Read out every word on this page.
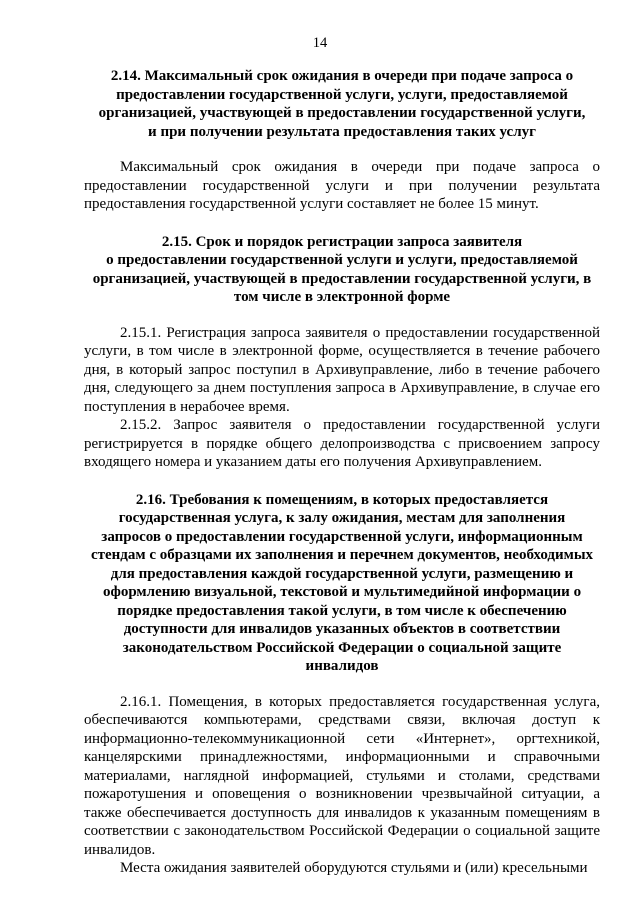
14
2.14. Максимальный срок ожидания в очереди при подаче запроса о
предоставлении государственной услуги, услуги, предоставляемой
организацией, участвующей в предоставлении государственной услуги,
и при получении результата предоставления таких услуг

Максимальный срок ожидания в очереди при подаче запроса о предоставлении государственной услуги и при получении результата предоставления государственной услуги составляет не более 15 минут.

2.15. Срок и порядок регистрации запроса заявителя
о предоставлении государственной услуги и услуги, предоставляемой
организацией, участвующей в предоставлении государственной услуги, в
том числе в электронной форме

2.15.1. Регистрация запроса заявителя о предоставлении государственной услуги, в том числе в электронной форме, осуществляется в течение рабочего дня, в который запрос поступил в Архивуправление, либо в течение рабочего дня, следующего за днем поступления запроса в Архивуправление, в случае его поступления в нерабочее время.

2.15.2. Запрос заявителя о предоставлении государственной услуги регистрируется в порядке общего делопроизводства с присвоением запросу входящего номера и указанием даты его получения Архивуправлением.

2.16. Требования к помещениям, в которых предоставляется
государственная услуга, к залу ожидания, местам для заполнения
запросов о предоставлении государственной услуги, информационным
стендам с образцами их заполнения и перечнем документов, необходимых
для предоставления каждой государственной услуги, размещению и
оформлению визуальной, текстовой и мультимедийной информации о
порядке предоставления такой услуги, в том числе к обеспечению
доступности для инвалидов указанных объектов в соответствии
законодательством Российской Федерации о социальной защите
инвалидов

2.16.1. Помещения, в которых предоставляется государственная услуга, обеспечиваются компьютерами, средствами связи, включая доступ к информационно-телекоммуникационной сети «Интернет», оргтехникой, канцелярскими принадлежностями, информационными и справочными материалами, наглядной информацией, стульями и столами, средствами пожаротушения и оповещения о возникновении чрезвычайной ситуации, а также обеспечивается доступность для инвалидов к указанным помещениям в соответствии с законодательством Российской Федерации о социальной защите инвалидов.

Места ожидания заявителей оборудуются стульями и (или) кресельными
